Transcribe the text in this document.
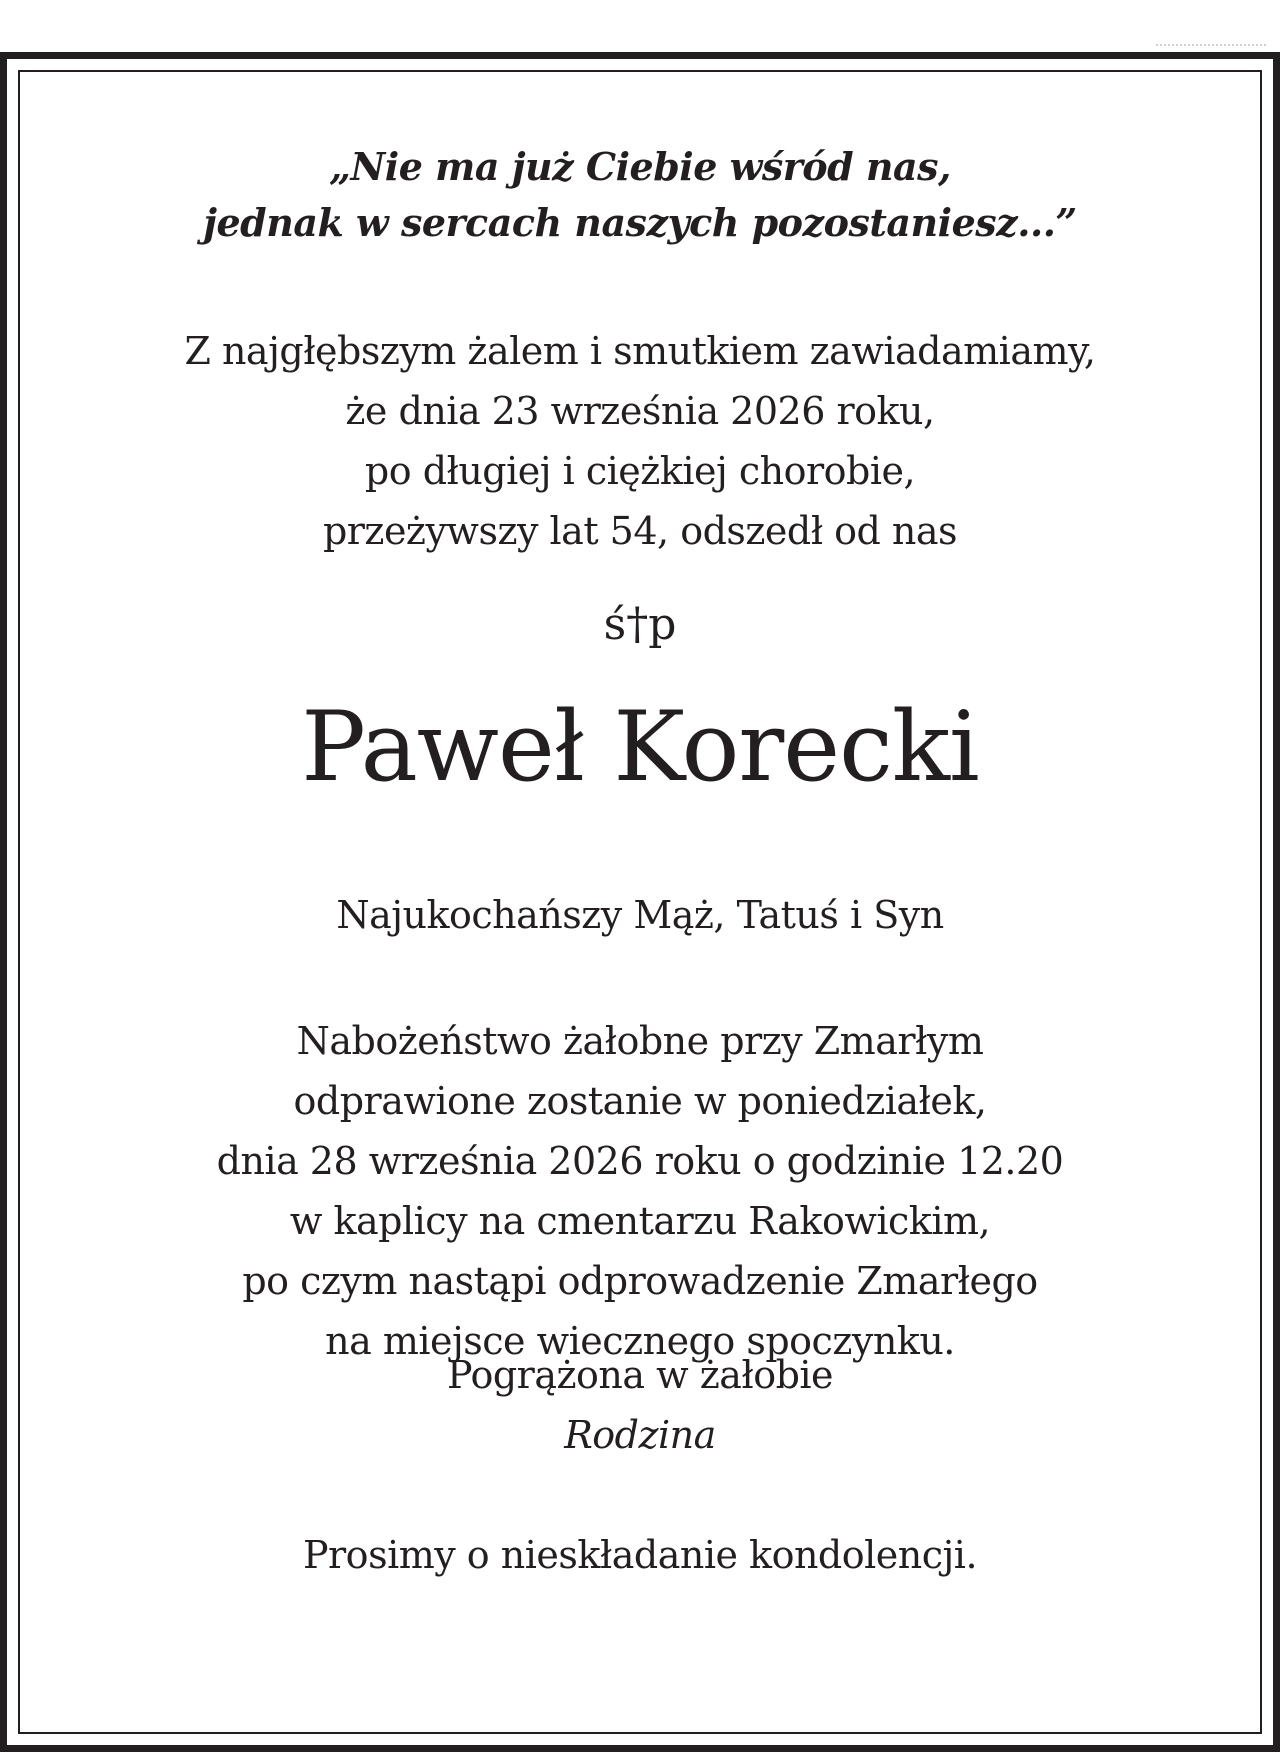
„Nie ma już Ciebie wśród nas,
jednak w sercach naszych pozostaniesz...”
Z najgłębszym żalem i smutkiem zawiadamiamy,
że dnia 23 września 2026 roku,
po długiej i ciężkiej chorobie,
przeżywszy lat 54, odszedł od nas
ś†p
Paweł Korecki
Najukochańszy Mąż, Tatuś i Syn
Nabożeństwo żałobne przy Zmarłym
odprawione zostanie w poniedziałek,
dnia 28 września 2026 roku o godzinie 12.20
w kaplicy na cmentarzu Rakowickim,
po czym nastąpi odprowadzenie Zmarłego
na miejsce wiecznego spoczynku.
Pogrążona w żałobie
Rodzina
Prosimy o nieskładanie kondolencji.
